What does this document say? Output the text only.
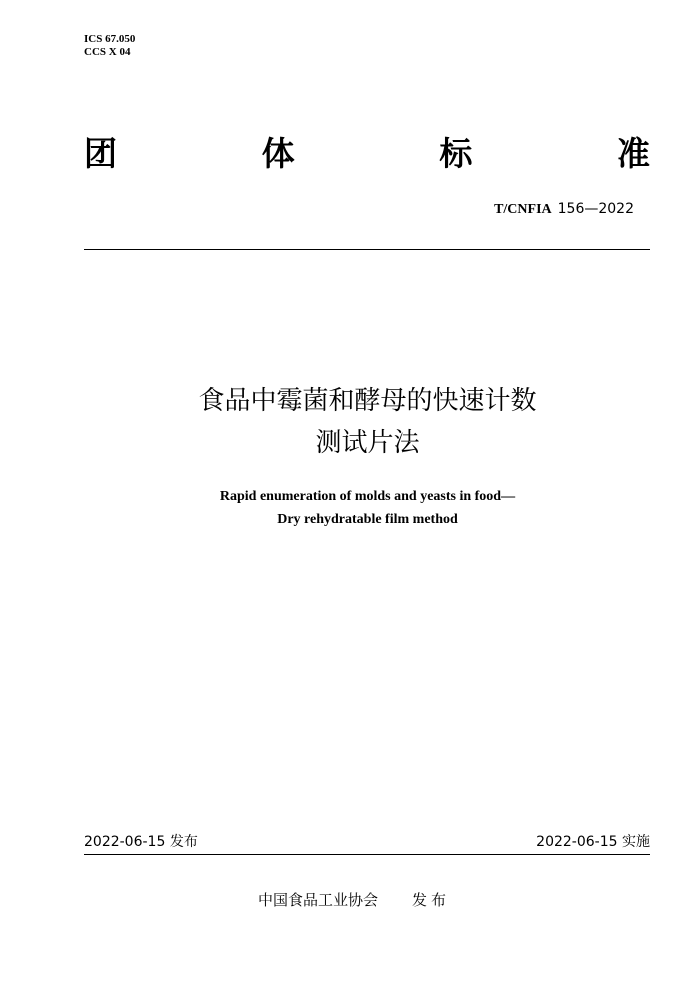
ICS 67.050
CCS X 04
团	体	标	准
T/CNFIA 156—2022
食品中霉菌和酵母的快速计数
测试片法
Rapid enumeration of molds and yeasts in food—
Dry rehydratable film method
2022-06-15 发布	2022-06-15 实施
中国食品工业协会 发布
